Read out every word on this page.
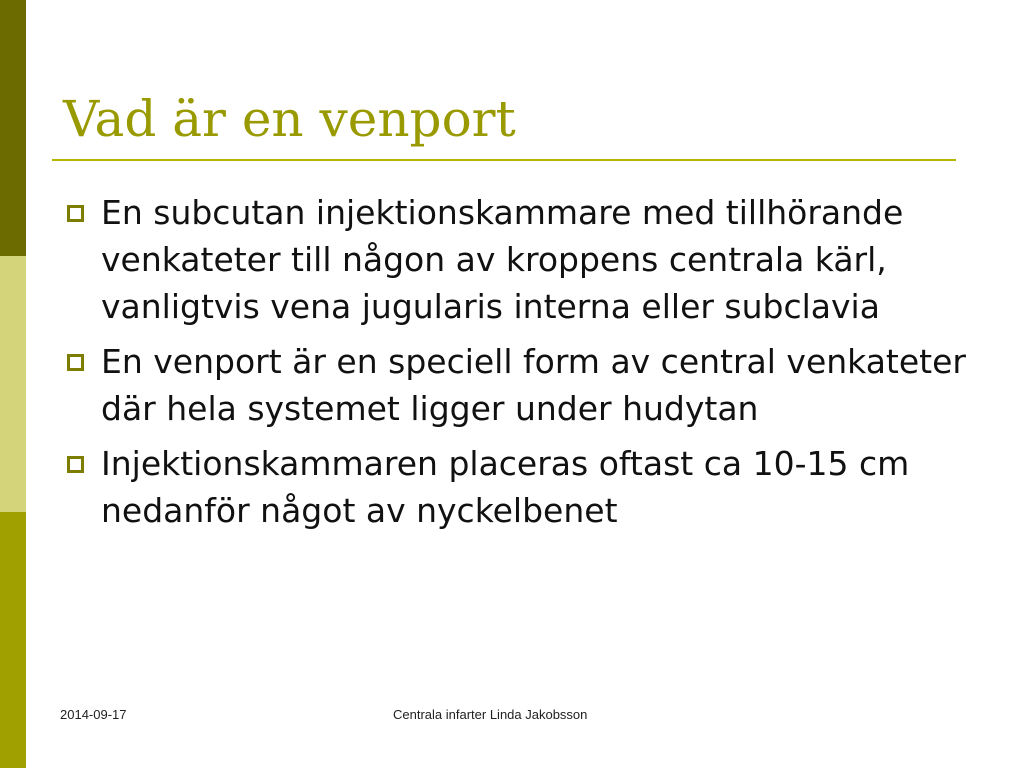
Vad är en venport
En subcutan injektionskammare med tillhörande venkateter till någon av kroppens centrala kärl, vanligtvis vena jugularis interna eller subclavia
En venport är en speciell form av central venkateter där hela systemet ligger under hudytan
Injektionskammaren placeras oftast ca 10-15 cm nedanför något av nyckelbenet
2014-09-17	Centrala infarter Linda Jakobsson
